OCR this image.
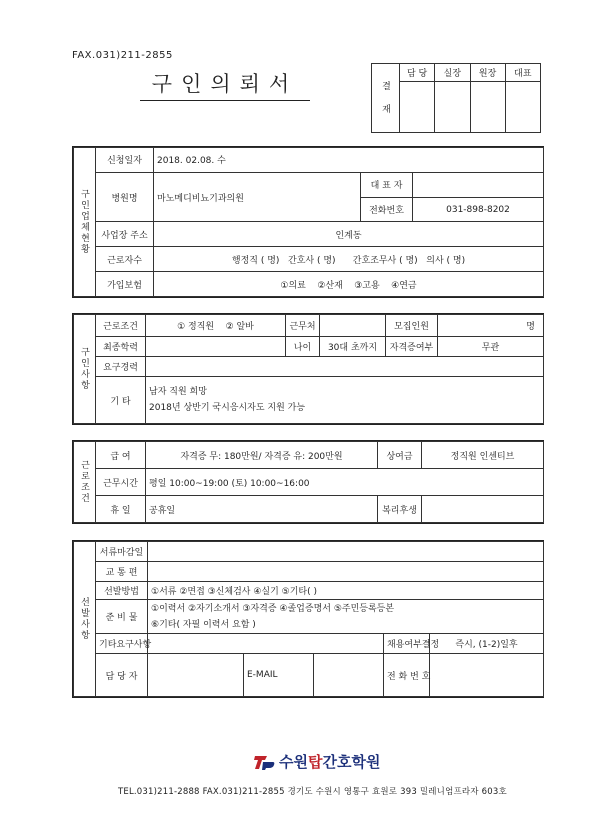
FAX.031)211-2855
구인의뢰서	결 재	담 당	실장	원장	대표

구인업체현황	신청일자	2018. 02.08. 수		
	병원명	마노메디비뇨기과의원	대 표 자	
			전화번호	031-898-8202
	사업장 주소	인계동		
	근로자수	행정직 ( 명) 간호사 ( 명) 간호조무사 ( 명) 의사 ( 명)		
	가입보험	①의료 ②산재 ③고용 ④연금		
구인사항	근로조건	① 정직원 ② 알바	근무처		모집인원	명
	최종학력		나이	30대 초까지	자격증여부	무관
	요구경력					
	기 타	남자 직원 희망
2018년 상반기 국시응시자도 지원 가능				
근로조건	급 여	자격증 무: 180만원/ 자격증 유: 200만원	상여금	정직원 인센티브
	근무시간	평일 10:00~19:00 (토) 10:00~16:00		
	휴 일	공휴일	복리후생	
선발사항	서류마감일					
	교 통 편					
	선발방법	①서류 ②면접 ③신체검사 ④실기 ⑤기타( )				
	준 비 물	①이력서 ②자기소개서 ③자격증 ④졸업증명서 ⑤주민등록등본
⑥기타( 자필 이력서 요함 )				

	기타요구사항				채용여부결정	즉시, (1-2)일후
	담 당 자		E-MAIL		전 화 번 호	
수원탑간호학원
TEL.031)211-2888 FAX.031)211-2855 경기도 수원시 영통구 효원로 393 밀레니엄프라자 603호
